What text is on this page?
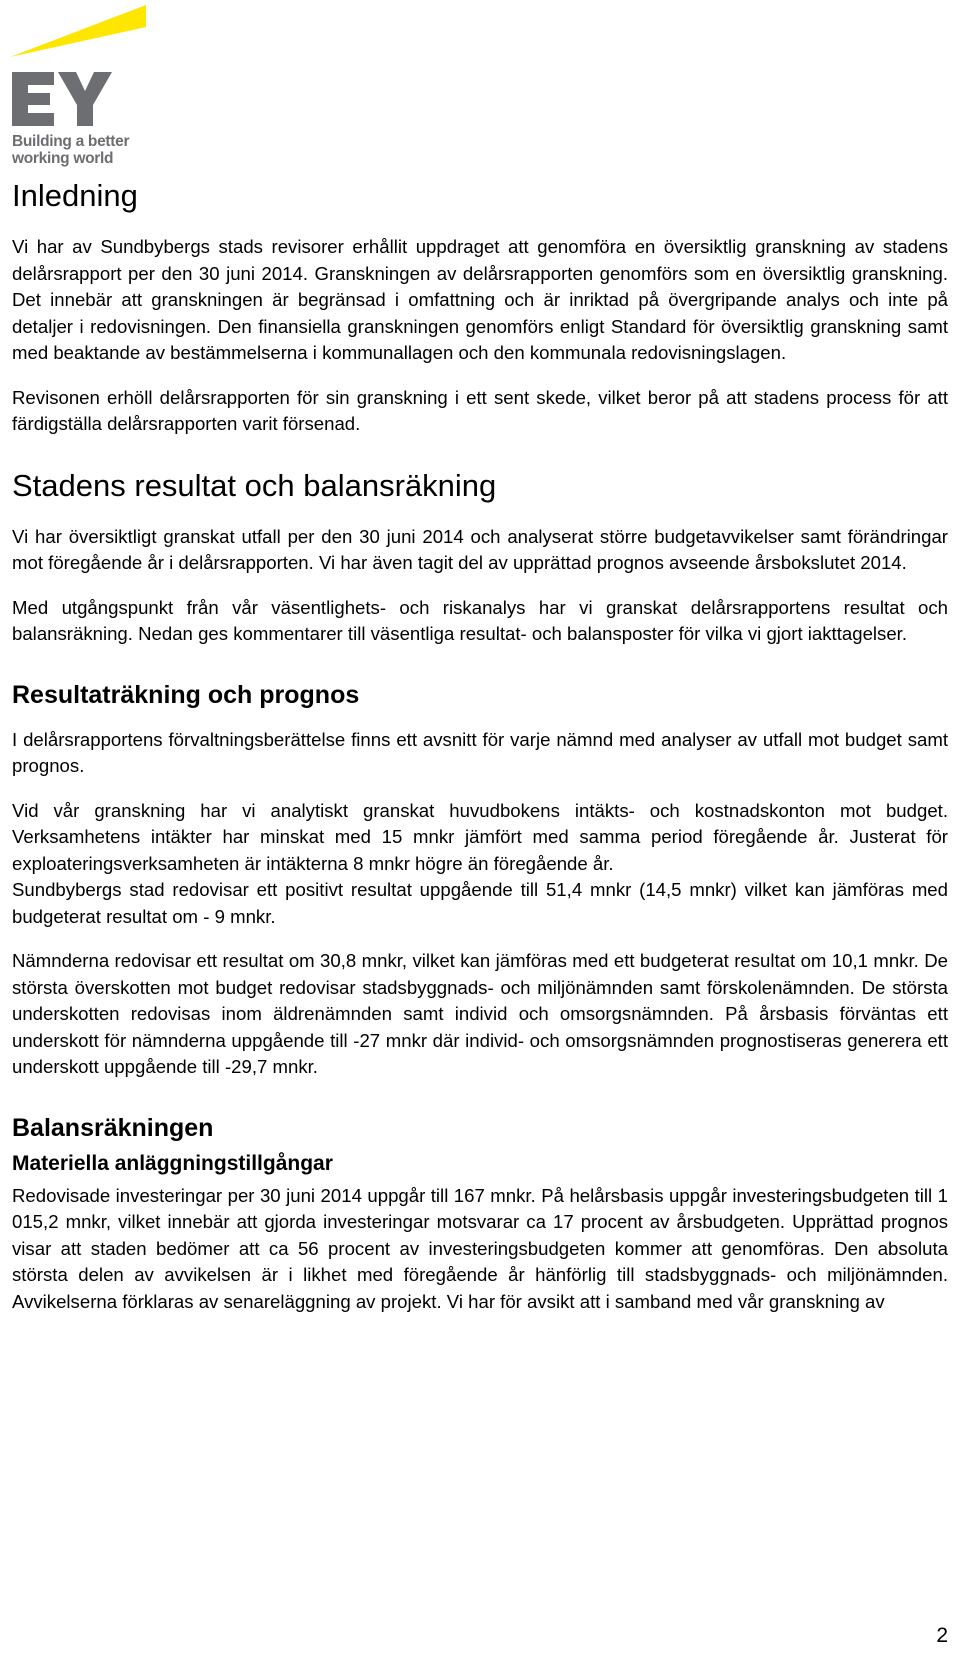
Building a better
working world
Inledning

Vi har av Sundbybergs stads revisorer erhållit uppdraget att genomföra en översiktlig granskning av stadens delårsrapport per den 30 juni 2014. Granskningen av delårsrapporten genomförs som en översiktlig granskning. Det innebär att granskningen är begränsad i omfattning och är inriktad på övergripande analys och inte på detaljer i redovisningen. Den finansiella granskningen genomförs enligt Standard för översiktlig granskning samt med beaktande av bestämmelserna i kommunallagen och den kommunala redovisningslagen.

Revisonen erhöll delårsrapporten för sin granskning i ett sent skede, vilket beror på att stadens process för att färdigställa delårsrapporten varit försenad.

Stadens resultat och balansräkning

Vi har översiktligt granskat utfall per den 30 juni 2014 och analyserat större budgetavvikelser samt förändringar mot föregående år i delårsrapporten. Vi har även tagit del av upprättad prognos avseende årsbokslutet 2014.

Med utgångspunkt från vår väsentlighets- och riskanalys har vi granskat delårsrapportens resultat och balansräkning. Nedan ges kommentarer till väsentliga resultat- och balansposter för vilka vi gjort iakttagelser.

Resultaträkning och prognos

I delårsrapportens förvaltningsberättelse finns ett avsnitt för varje nämnd med analyser av utfall mot budget samt prognos.

Vid vår granskning har vi analytiskt granskat huvudbokens intäkts- och kostnadskonton mot budget. Verksamhetens intäkter har minskat med 15 mnkr jämfört med samma period föregående år. Justerat för exploateringsverksamheten är intäkterna 8 mnkr högre än föregående år.

Sundbybergs stad redovisar ett positivt resultat uppgående till 51,4 mnkr (14,5 mnkr) vilket kan jämföras med budgeterat resultat om - 9 mnkr.

Nämnderna redovisar ett resultat om 30,8 mnkr, vilket kan jämföras med ett budgeterat resultat om 10,1 mnkr. De största överskotten mot budget redovisar stadsbyggnads- och miljönämnden samt förskolenämnden. De största underskotten redovisas inom äldrenämnden samt individ och omsorgsnämnden. På årsbasis förväntas ett underskott för nämnderna uppgående till -27 mnkr där individ- och omsorgsnämnden prognostiseras generera ett underskott uppgående till -29,7 mnkr.

Balansräkningen
Materiella anläggningstillgångar

Redovisade investeringar per 30 juni 2014 uppgår till 167 mnkr. På helårsbasis uppgår investeringsbudgeten till 1 015,2 mnkr, vilket innebär att gjorda investeringar motsvarar ca 17 procent av årsbudgeten. Upprättad prognos visar att staden bedömer att ca 56 procent av investeringsbudgeten kommer att genomföras. Den absoluta största delen av avvikelsen är i likhet med föregående år hänförlig till stadsbyggnads- och miljönämnden. Avvikelserna förklaras av senareläggning av projekt. Vi har för avsikt att i samband med vår granskning av

2
